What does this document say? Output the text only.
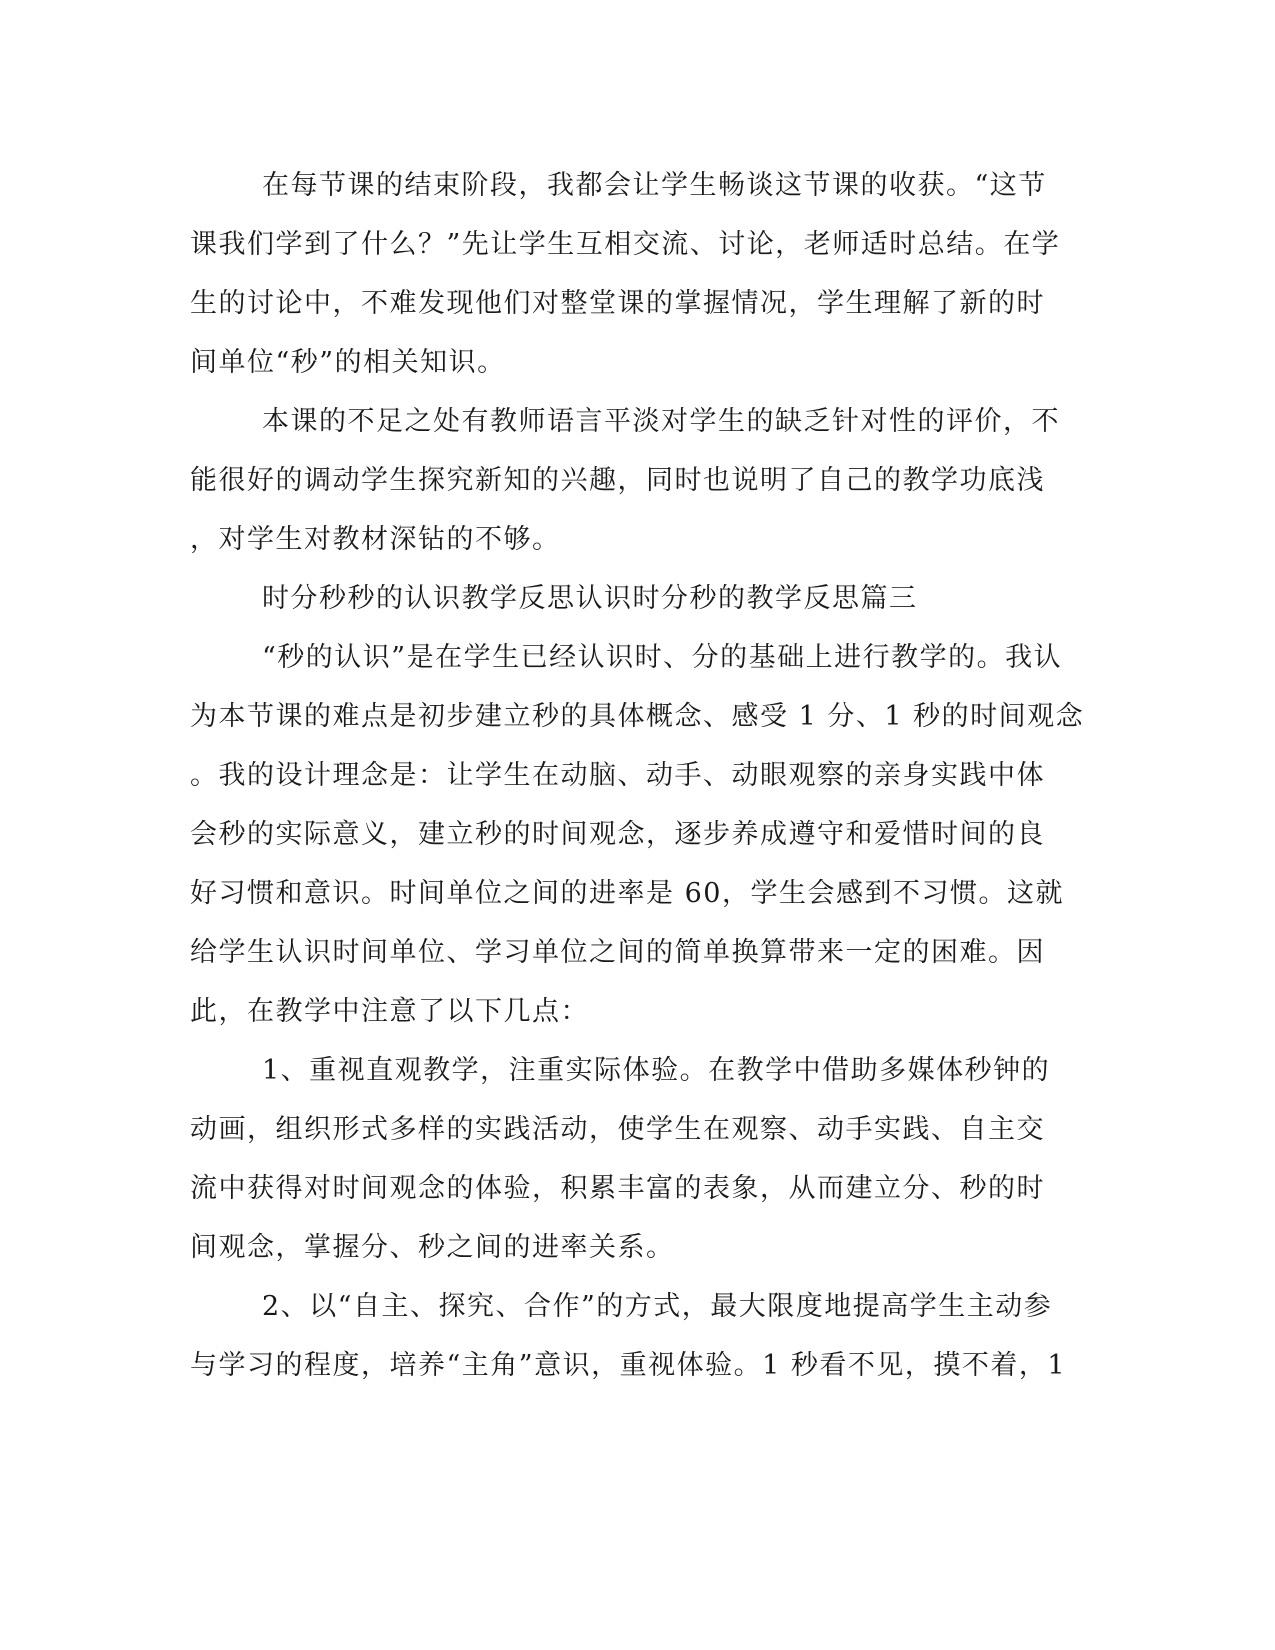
在每节课的结束阶段，我都会让学生畅谈这节课的收获。“这节
课我们学到了什么？”先让学生互相交流、讨论，老师适时总结。在学
生的讨论中，不难发现他们对整堂课的掌握情况，学生理解了新的时
间单位“秒”的相关知识。
本课的不足之处有教师语言平淡对学生的缺乏针对性的评价，不
能很好的调动学生探究新知的兴趣，同时也说明了自己的教学功底浅
，对学生对教材深钻的不够。
时分秒秒的认识教学反思认识时分秒的教学反思篇三
“秒的认识”是在学生已经认识时、分的基础上进行教学的。我认
为本节课的难点是初步建立秒的具体概念、感受 1 分、1 秒的时间观念
。我的设计理念是：让学生在动脑、动手、动眼观察的亲身实践中体
会秒的实际意义，建立秒的时间观念，逐步养成遵守和爱惜时间的良
好习惯和意识。时间单位之间的进率是 60，学生会感到不习惯。这就
给学生认识时间单位、学习单位之间的简单换算带来一定的困难。因
此，在教学中注意了以下几点：
1、重视直观教学，注重实际体验。在教学中借助多媒体秒钟的
动画，组织形式多样的实践活动，使学生在观察、动手实践、自主交
流中获得对时间观念的体验，积累丰富的表象，从而建立分、秒的时
间观念，掌握分、秒之间的进率关系。
2、以“自主、探究、合作”的方式，最大限度地提高学生主动参
与学习的程度，培养“主角”意识，重视体验。1 秒看不见，摸不着，1
